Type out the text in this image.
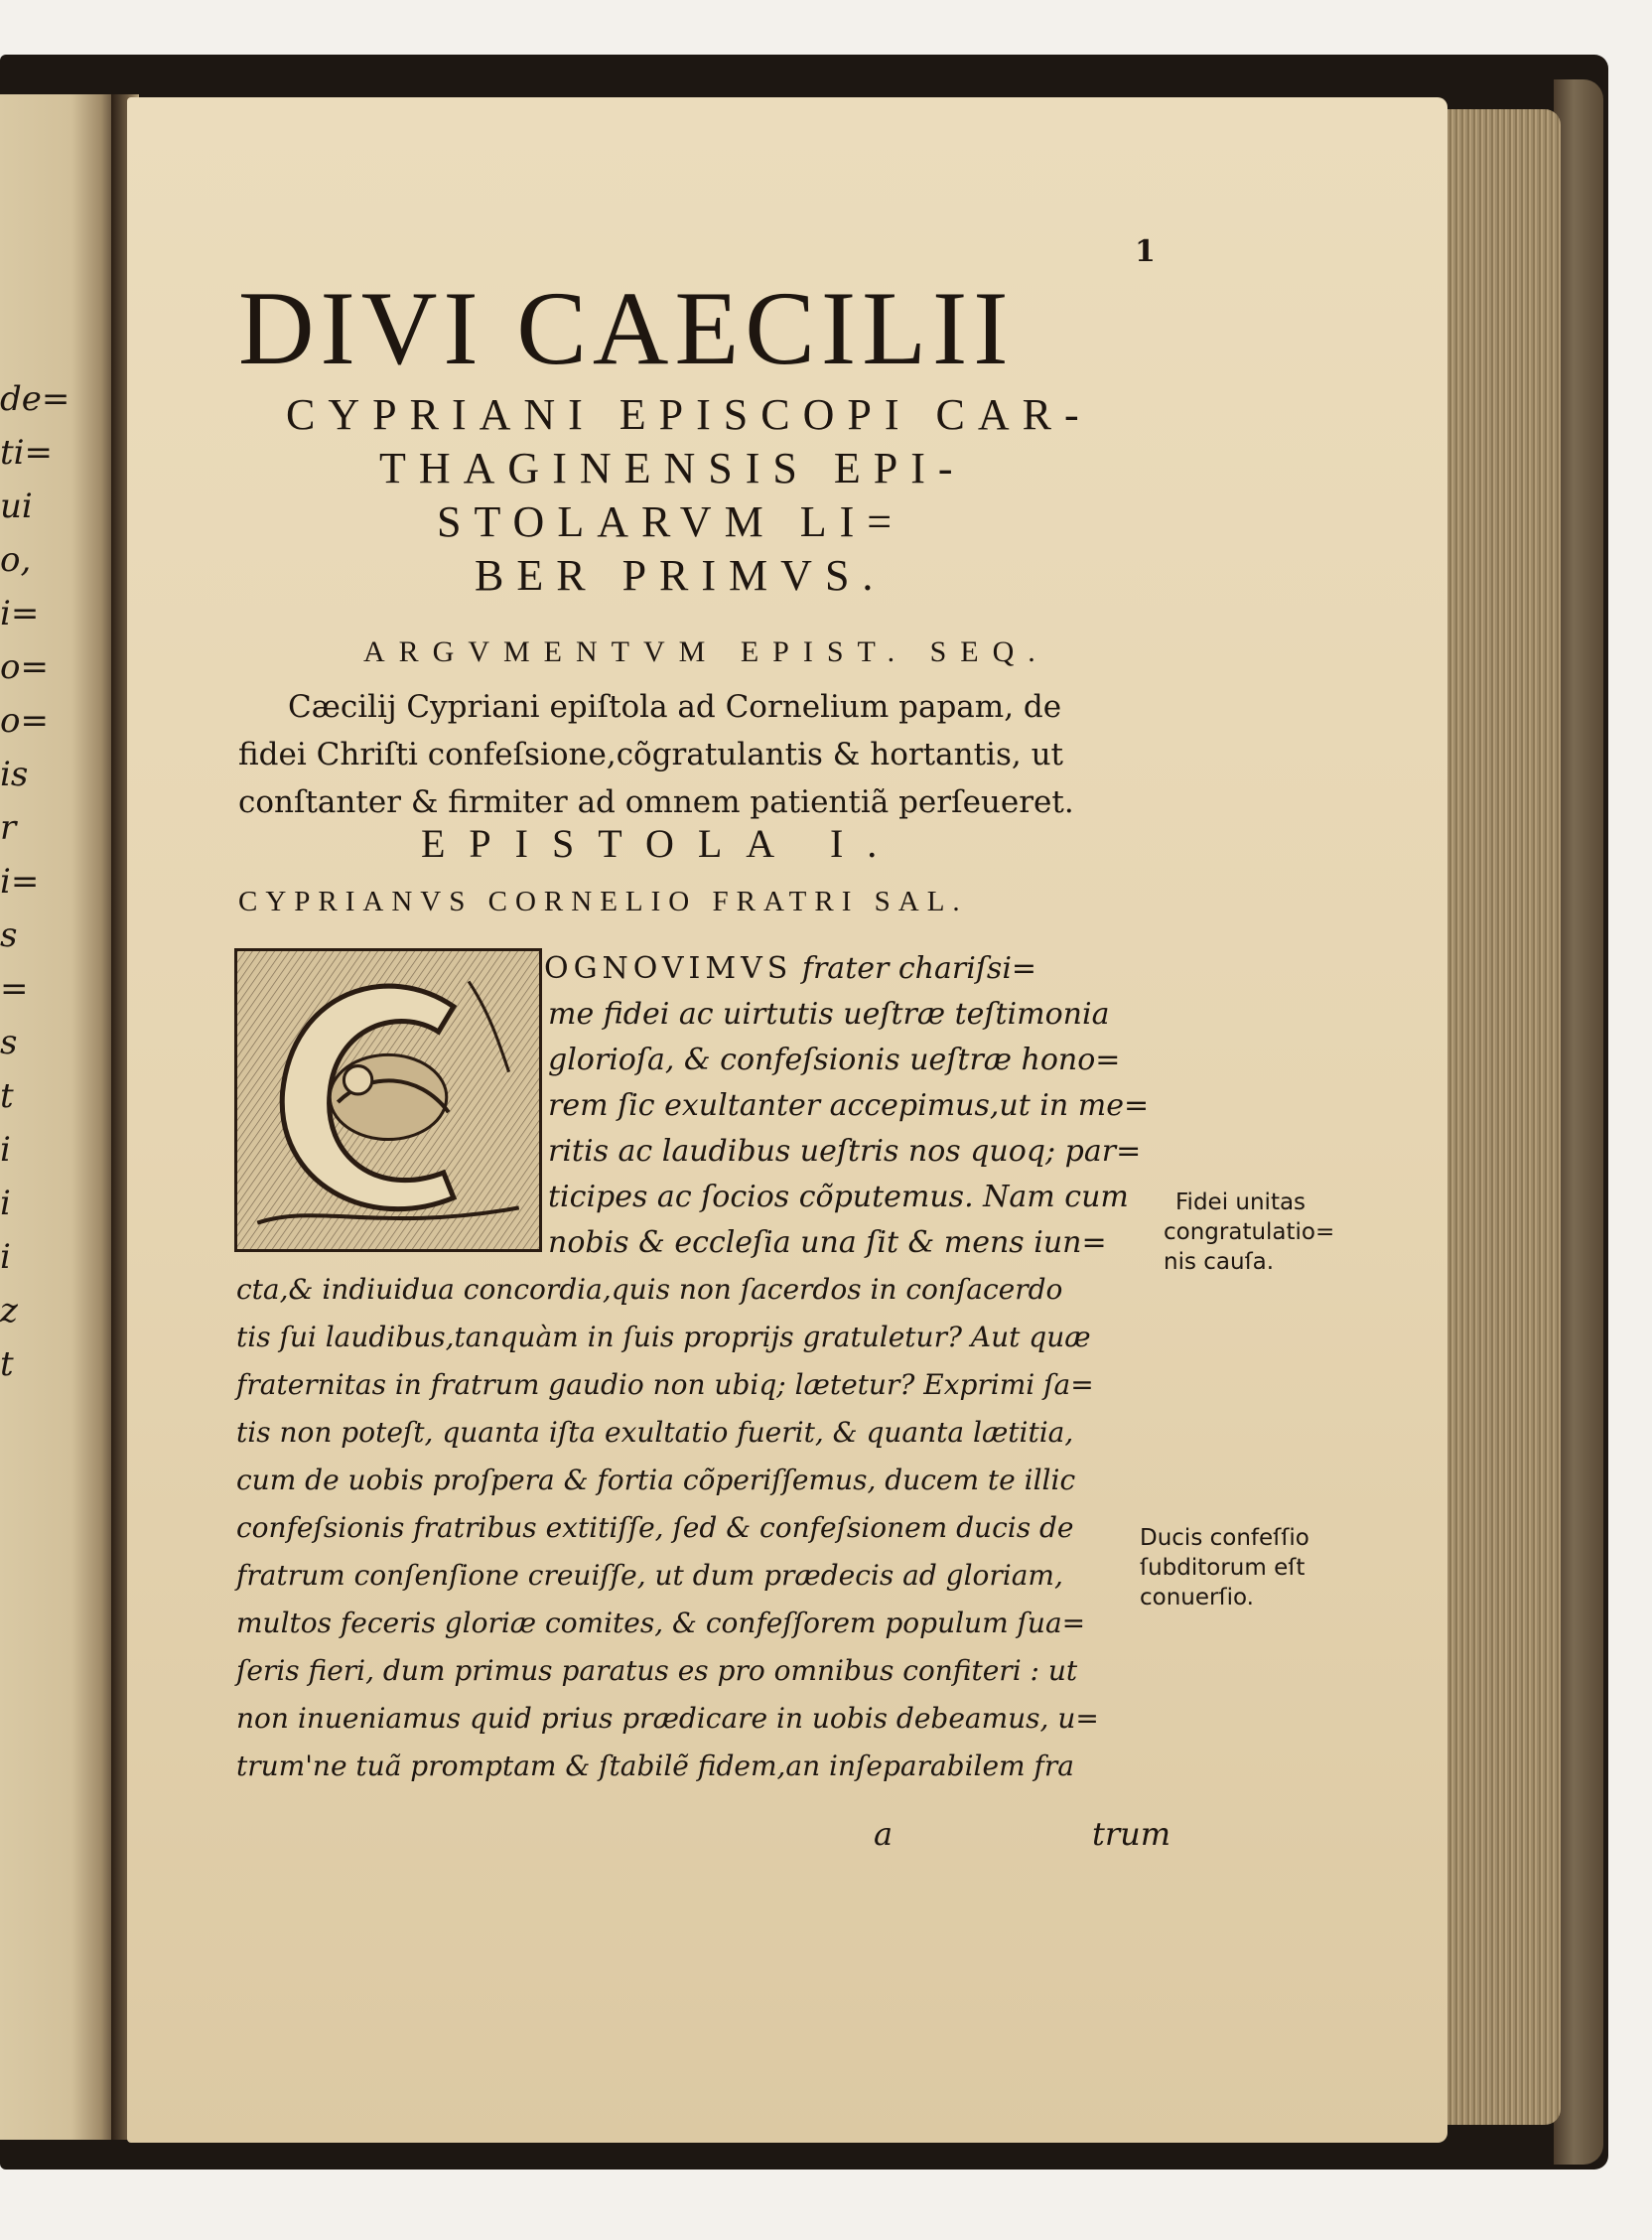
de=
ti=
ui
o,
i=
o=
o=
is
r
i=
s
=
s
t
i
i
i
z
t
1
DIVI CAECILII
CYPRIANI EPISCOPI CAR-
THAGINENSIS EPI-
STOLARVM LI=
BER PRIMVS.
ARGVMENTVM EPIST. SEQ.
Cæcilij Cypriani epiſtola ad Cornelium papam, de
fidei Chriſti confeſsione,cõgratulantis & hortantis, ut
conſtanter & firmiter ad omnem patientiã perſeueret.
EPISTOLA I.
CYPRIANVS CORNELIO FRATRI SAL.
OGNOVIMVS frater chariſsi=
me fidei ac uirtutis ueſtræ teſtimonia
glorioſa, & confeſsionis ueſtræ hono=
rem ſic exultanter accepimus,ut in me=
ritis ac laudibus ueſtris nos quoq; par=
ticipes ac ſocios cõputemus. Nam cum
nobis & eccleſia una ſit & mens iun=
cta,& indiuidua concordia,quis non ſacerdos in conſacerdo
tis ſui laudibus,tanquàm in ſuis proprijs gratuletur? Aut quæ
fraternitas in fratrum gaudio non ubiq; lætetur? Exprimi ſa=
tis non poteſt, quanta iſta exultatio fuerit, & quanta lætitia,
cum de uobis proſpera & fortia cõperiſſemus, ducem te illic
confeſsionis fratribus extitiſſe, ſed & confeſsionem ducis de
fratrum conſenſione creuiſſe, ut dum prædecis ad gloriam,
multos feceris gloriæ comites, & confeſſorem populum ſua=
ſeris fieri, dum primus paratus es pro omnibus confiteri : ut
non inueniamus quid prius prædicare in uobis debeamus, u=
trum'ne tuã promptam & ſtabilẽ fidem,an inſeparabilem fra
Fidei unitas
congratulatio=
nis cauſa.
Ducis confeſſio
ſubditorum eſt
conuerſio.
a	trum
